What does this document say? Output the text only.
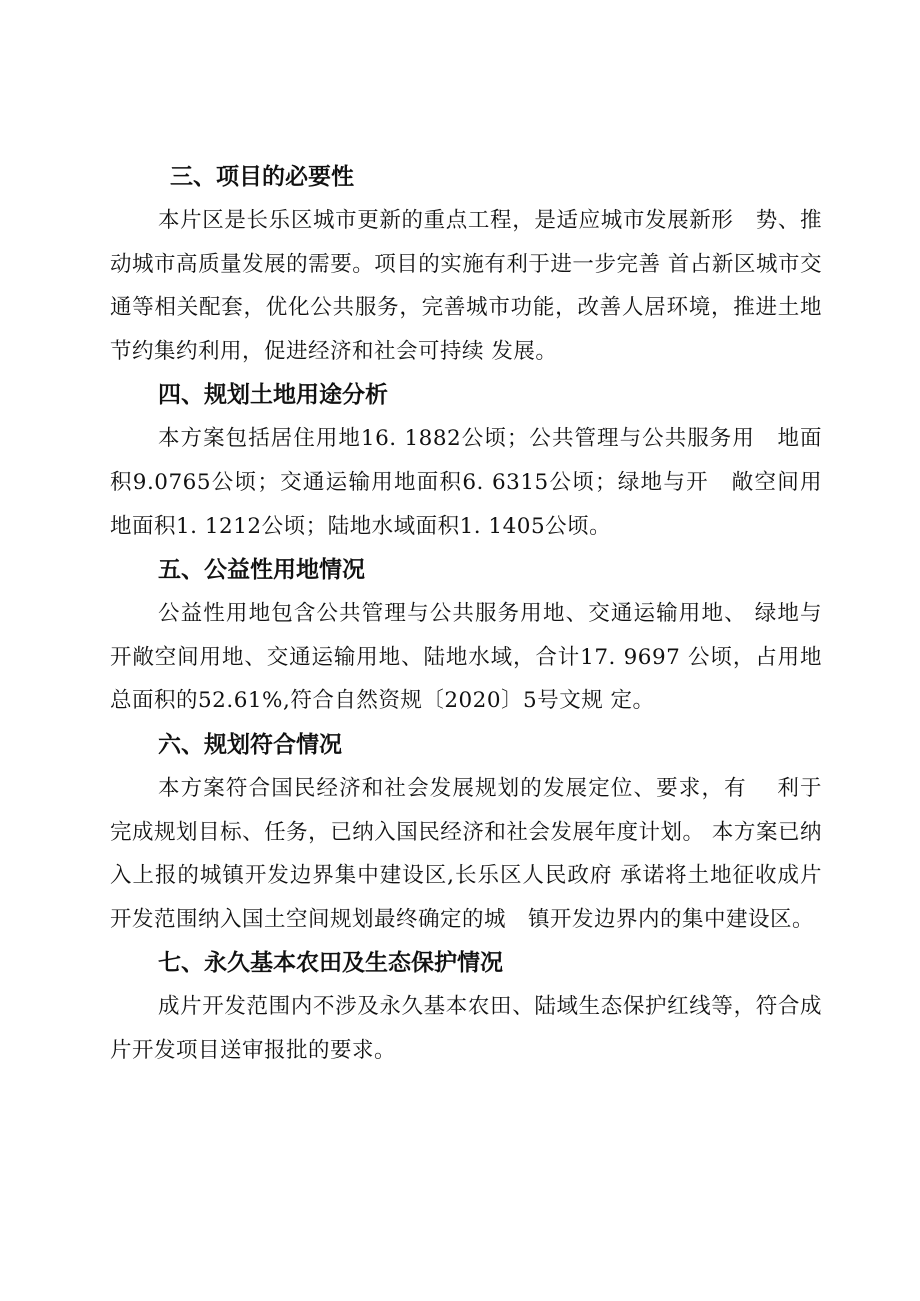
三、项目的必要性

本片区是长乐区城市更新的重点工程，是适应城市发展新形　势、推动城市高质量发展的需要。项目的实施有利于进一步完善 首占新区城市交通等相关配套，优化公共服务，完善城市功能，改善人居环境，推进土地节约集约利用，促进经济和社会可持续 发展。

四、规划土地用途分析

本方案包括居住用地16. 1882公顷；公共管理与公共服务用　地面积9.0765公顷；交通运输用地面积6. 6315公顷；绿地与开　敞空间用地面积1. 1212公顷；陆地水域面积1. 1405公顷。

五、公益性用地情况

公益性用地包含公共管理与公共服务用地、交通运输用地、 绿地与开敞空间用地、交通运输用地、陆地水域，合计17. 9697 公顷，占用地总面积的52.61%,符合自然资规〔2020〕5号文规 定。

六、规划符合情况

本方案符合国民经济和社会发展规划的发展定位、要求，有　 利于完成规划目标、任务，已纳入国民经济和社会发展年度计划。 本方案已纳入上报的城镇开发边界集中建设区,长乐区人民政府 承诺将土地征收成片开发范围纳入国土空间规划最终确定的城　镇开发边界内的集中建设区。

七、永久基本农田及生态保护情况

成片开发范围内不涉及永久基本农田、陆域生态保护红线等，符合成片开发项目送审报批的要求。
